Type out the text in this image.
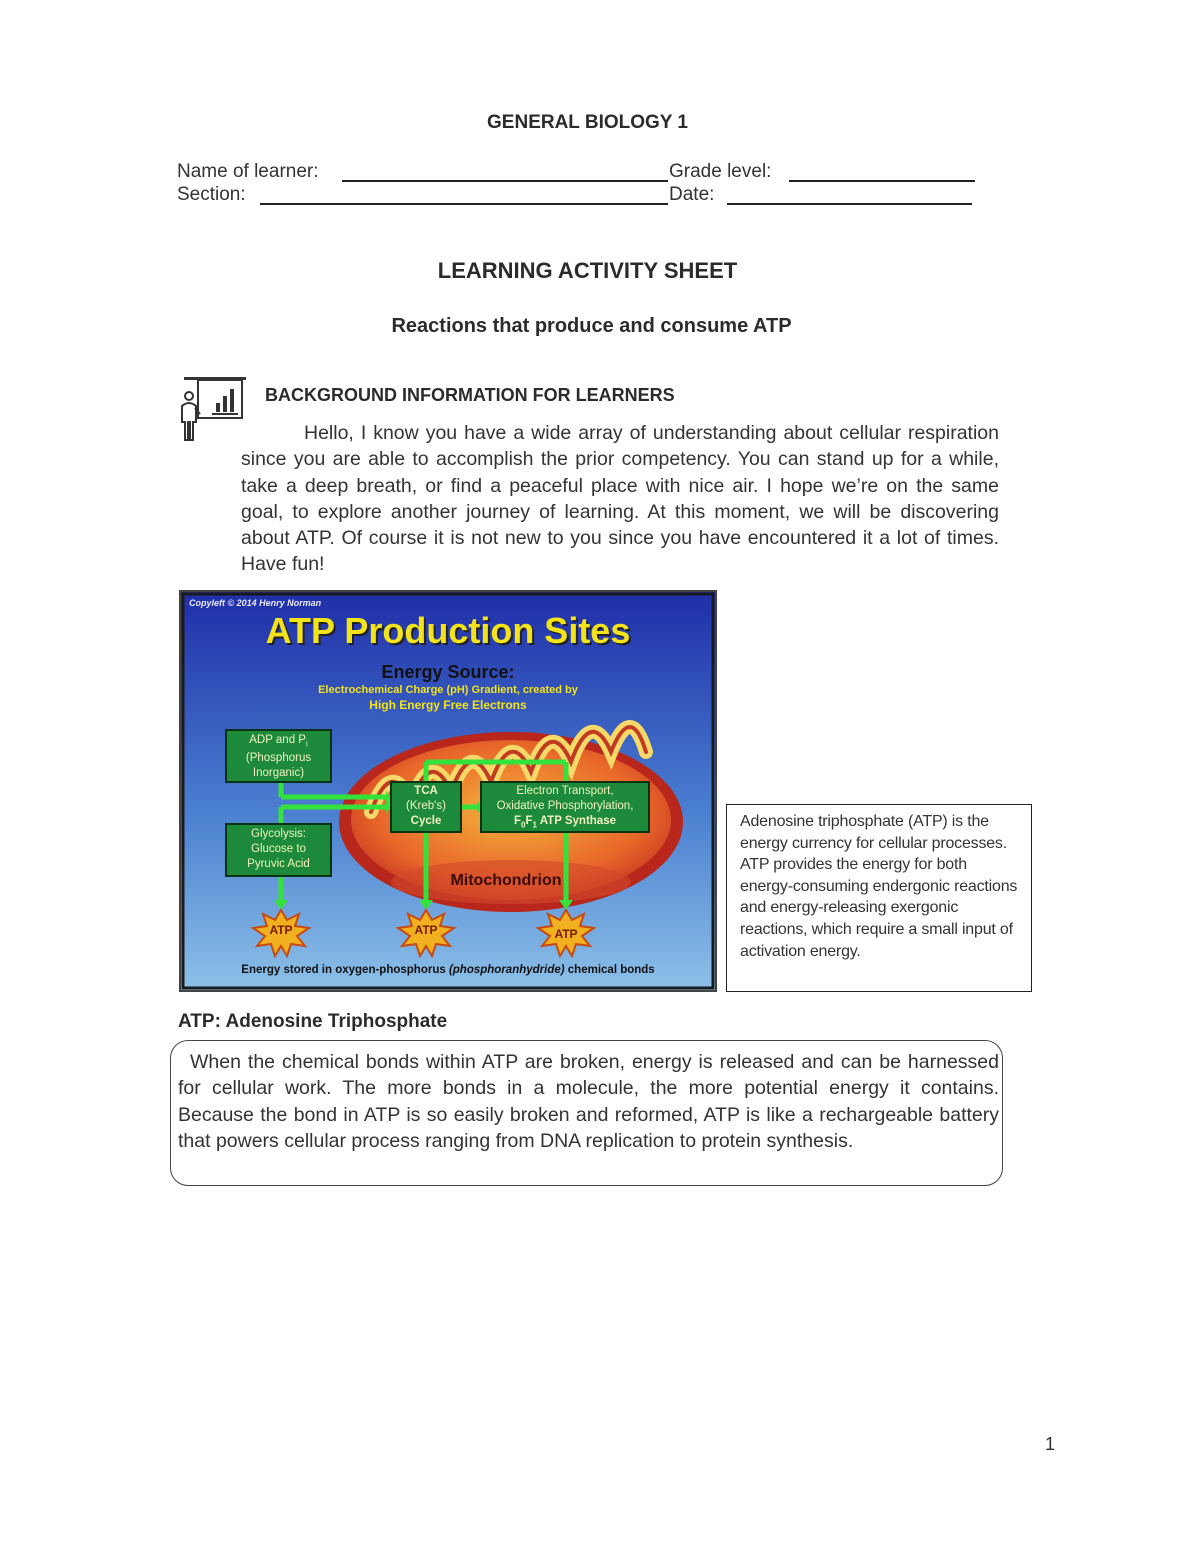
GENERAL BIOLOGY 1
Name of learner:	Grade level:
Section:	Date:
LEARNING ACTIVITY SHEET
Reactions that produce and consume ATP
BACKGROUND INFORMATION FOR LEARNERS
Hello, I know you have a wide array of understanding about cellular respiration since you are able to accomplish the prior competency. You can stand up for a while, take a deep breath, or find a peaceful place with nice air. I hope we’re on the same goal, to explore another journey of learning. At this moment, we will be discovering about ATP. Of course it is not new to you since you have encountered it a lot of times. Have fun!
Copyleft © 2014 Henry Norman
ATP Production Sites
Energy Source:
Electrochemical Charge (pH) Gradient, created by
High Energy Free Electrons
ADP and $P_i$
(Phosphorus
Inorganic)
Glycolysis:
Glucose to
Pyruvic Acid
TCA
(Kreb's)
Cycle
Electron Transport,
Oxidative Phosphorylation,
$F_0F_1$ ATP Synthase
Mitochondrion
ATP	ATP	ATP
Energy stored in oxygen-phosphorus (phosphoranhydride) chemical bonds
Adenosine triphosphate (ATP) is the energy currency for cellular processes. ATP provides the energy for both energy-consuming endergonic reactions and energy-releasing exergonic reactions, which require a small input of activation energy.
ATP: Adenosine Triphosphate
When the chemical bonds within ATP are broken, energy is released and can be harnessed for cellular work. The more bonds in a molecule, the more potential energy it contains. Because the bond in ATP is so easily broken and reformed, ATP is like a rechargeable battery that powers cellular process ranging from DNA replication to protein synthesis.
1
